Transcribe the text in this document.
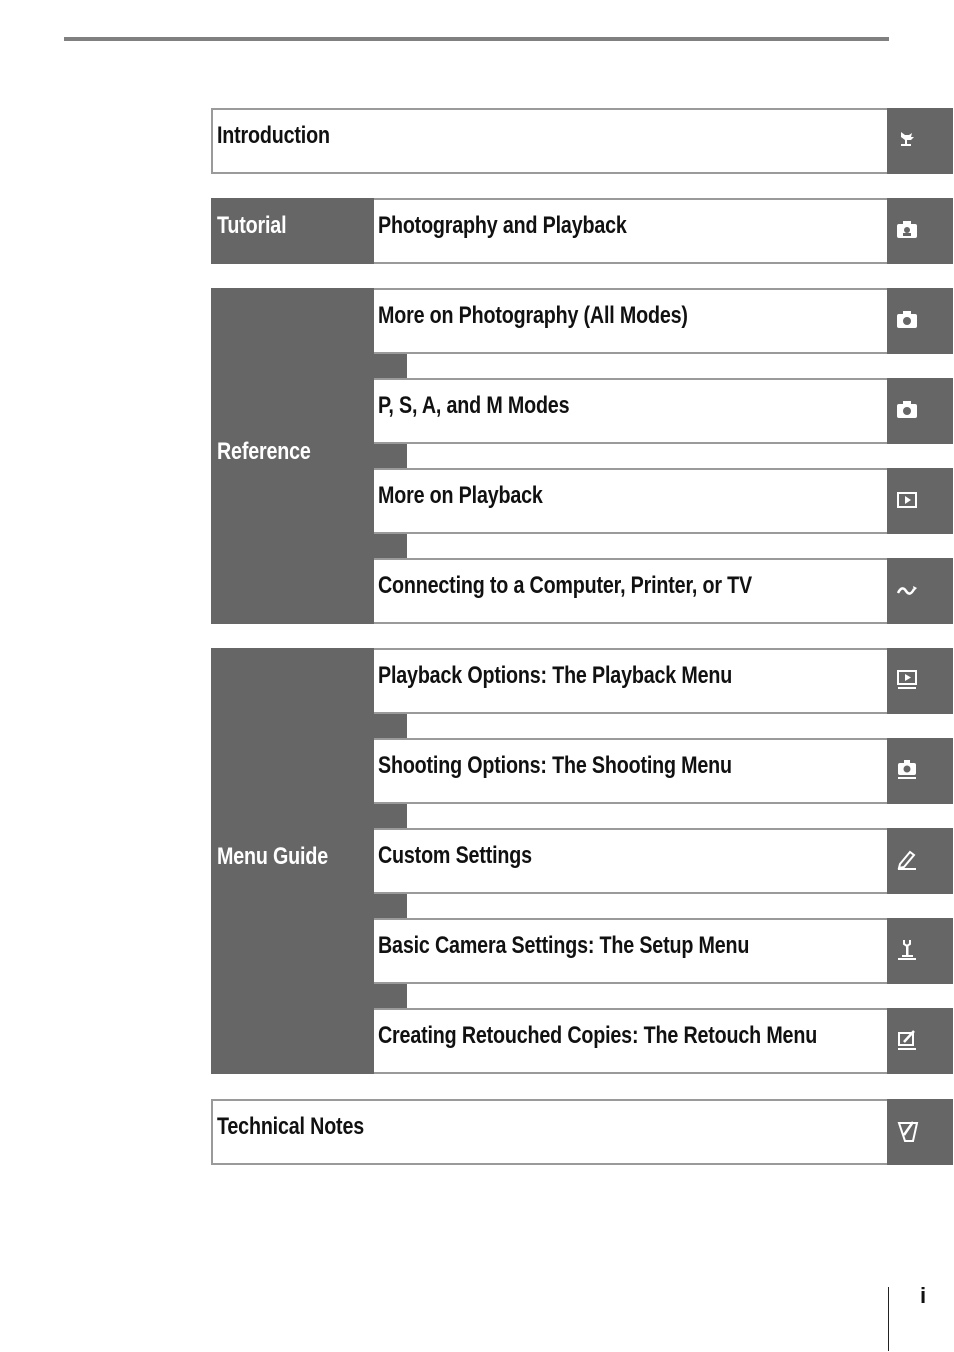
Introduction
Tutorial	Photography and Playback
Reference
More on Photography (All Modes)
P, S, A, and M Modes
More on Playback
Connecting to a Computer, Printer, or TV
Menu Guide
Playback Options: The Playback Menu
Shooting Options: The Shooting Menu
Custom Settings
Basic Camera Settings: The Setup Menu
Creating Retouched Copies: The Retouch Menu
Technical Notes
i
